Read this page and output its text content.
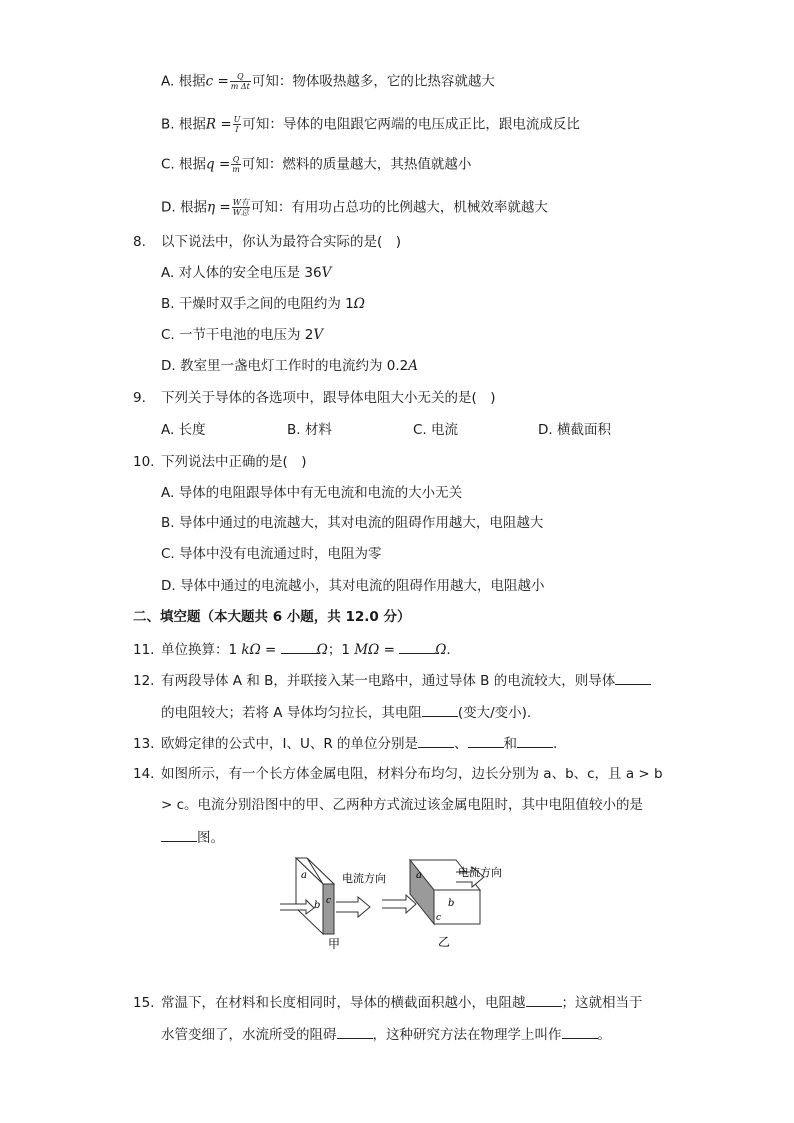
A. 根据$c = \frac{Q}{\text{m Δt}}$ 可知：物体吸热越多，它的比热容就越大
B. 根据$R = \frac{U}{I}$ 可知：导体的电阻跟它两端的电压成正比，跟电流成反比
C. 根据$q = \frac{Q}{m}$ 可知：燃料的质量越大，其热值就越小
D. 根据$\eta = \frac{\text{W有}}{\text{W总}}$ 可知：有用功占总功的比例越大，机械效率就越大
8. 以下说法中，你认为最符合实际的是(　)
A. 对人体的安全电压是 36V
B. 干燥时双手之间的电阻约为 1Ω
C. 一节干电池的电压为 2V
D. 教室里一盏电灯工作时的电流约为 0.2A
9. 下列关于导体的各选项中，跟导体电阻大小无关的是(　)
A. 长度	B. 材料	C. 电流	D. 横截面积
10. 下列说法中正确的是(　)
A. 导体的电阻跟导体中有无电流和电流的大小无关
B. 导体中通过的电流越大，其对电流的阻碍作用越大，电阻越大
C. 导体中没有电流通过时，电阻为零
D. 导体中通过的电流越小，其对电流的阻碍作用越大，电阻越小
二、填空题（本大题共 6 小题，共 12.0 分）
11. 单位换算：1 kΩ =	Ω；1 MΩ =	Ω.
12. 有两段导体 A 和 B，并联接入某一电路中，通过导体 B 的电流较大，则导体
的电阻较大；若将 A 导体均匀拉长，其电阻	(变大/变小).
13. 欧姆定律的公式中，I、U、R 的单位分别是	、	和	.
14. 如图所示，有一个长方体金属电阻，材料分布均匀，边长分别为 a、b、c，且 a > b
> c。电流分别沿图中的甲、乙两种方式流过该金属电阻时，其中电阻值较小的是
图。
a
c
b
电流方向
甲
a
c
b
电流方向
乙
15. 常温下，在材料和长度相同时，导体的横截面积越小，电阻越	；这就相当于
水管变细了，水流所受的阻碍	，这种研究方法在物理学上叫作	。
